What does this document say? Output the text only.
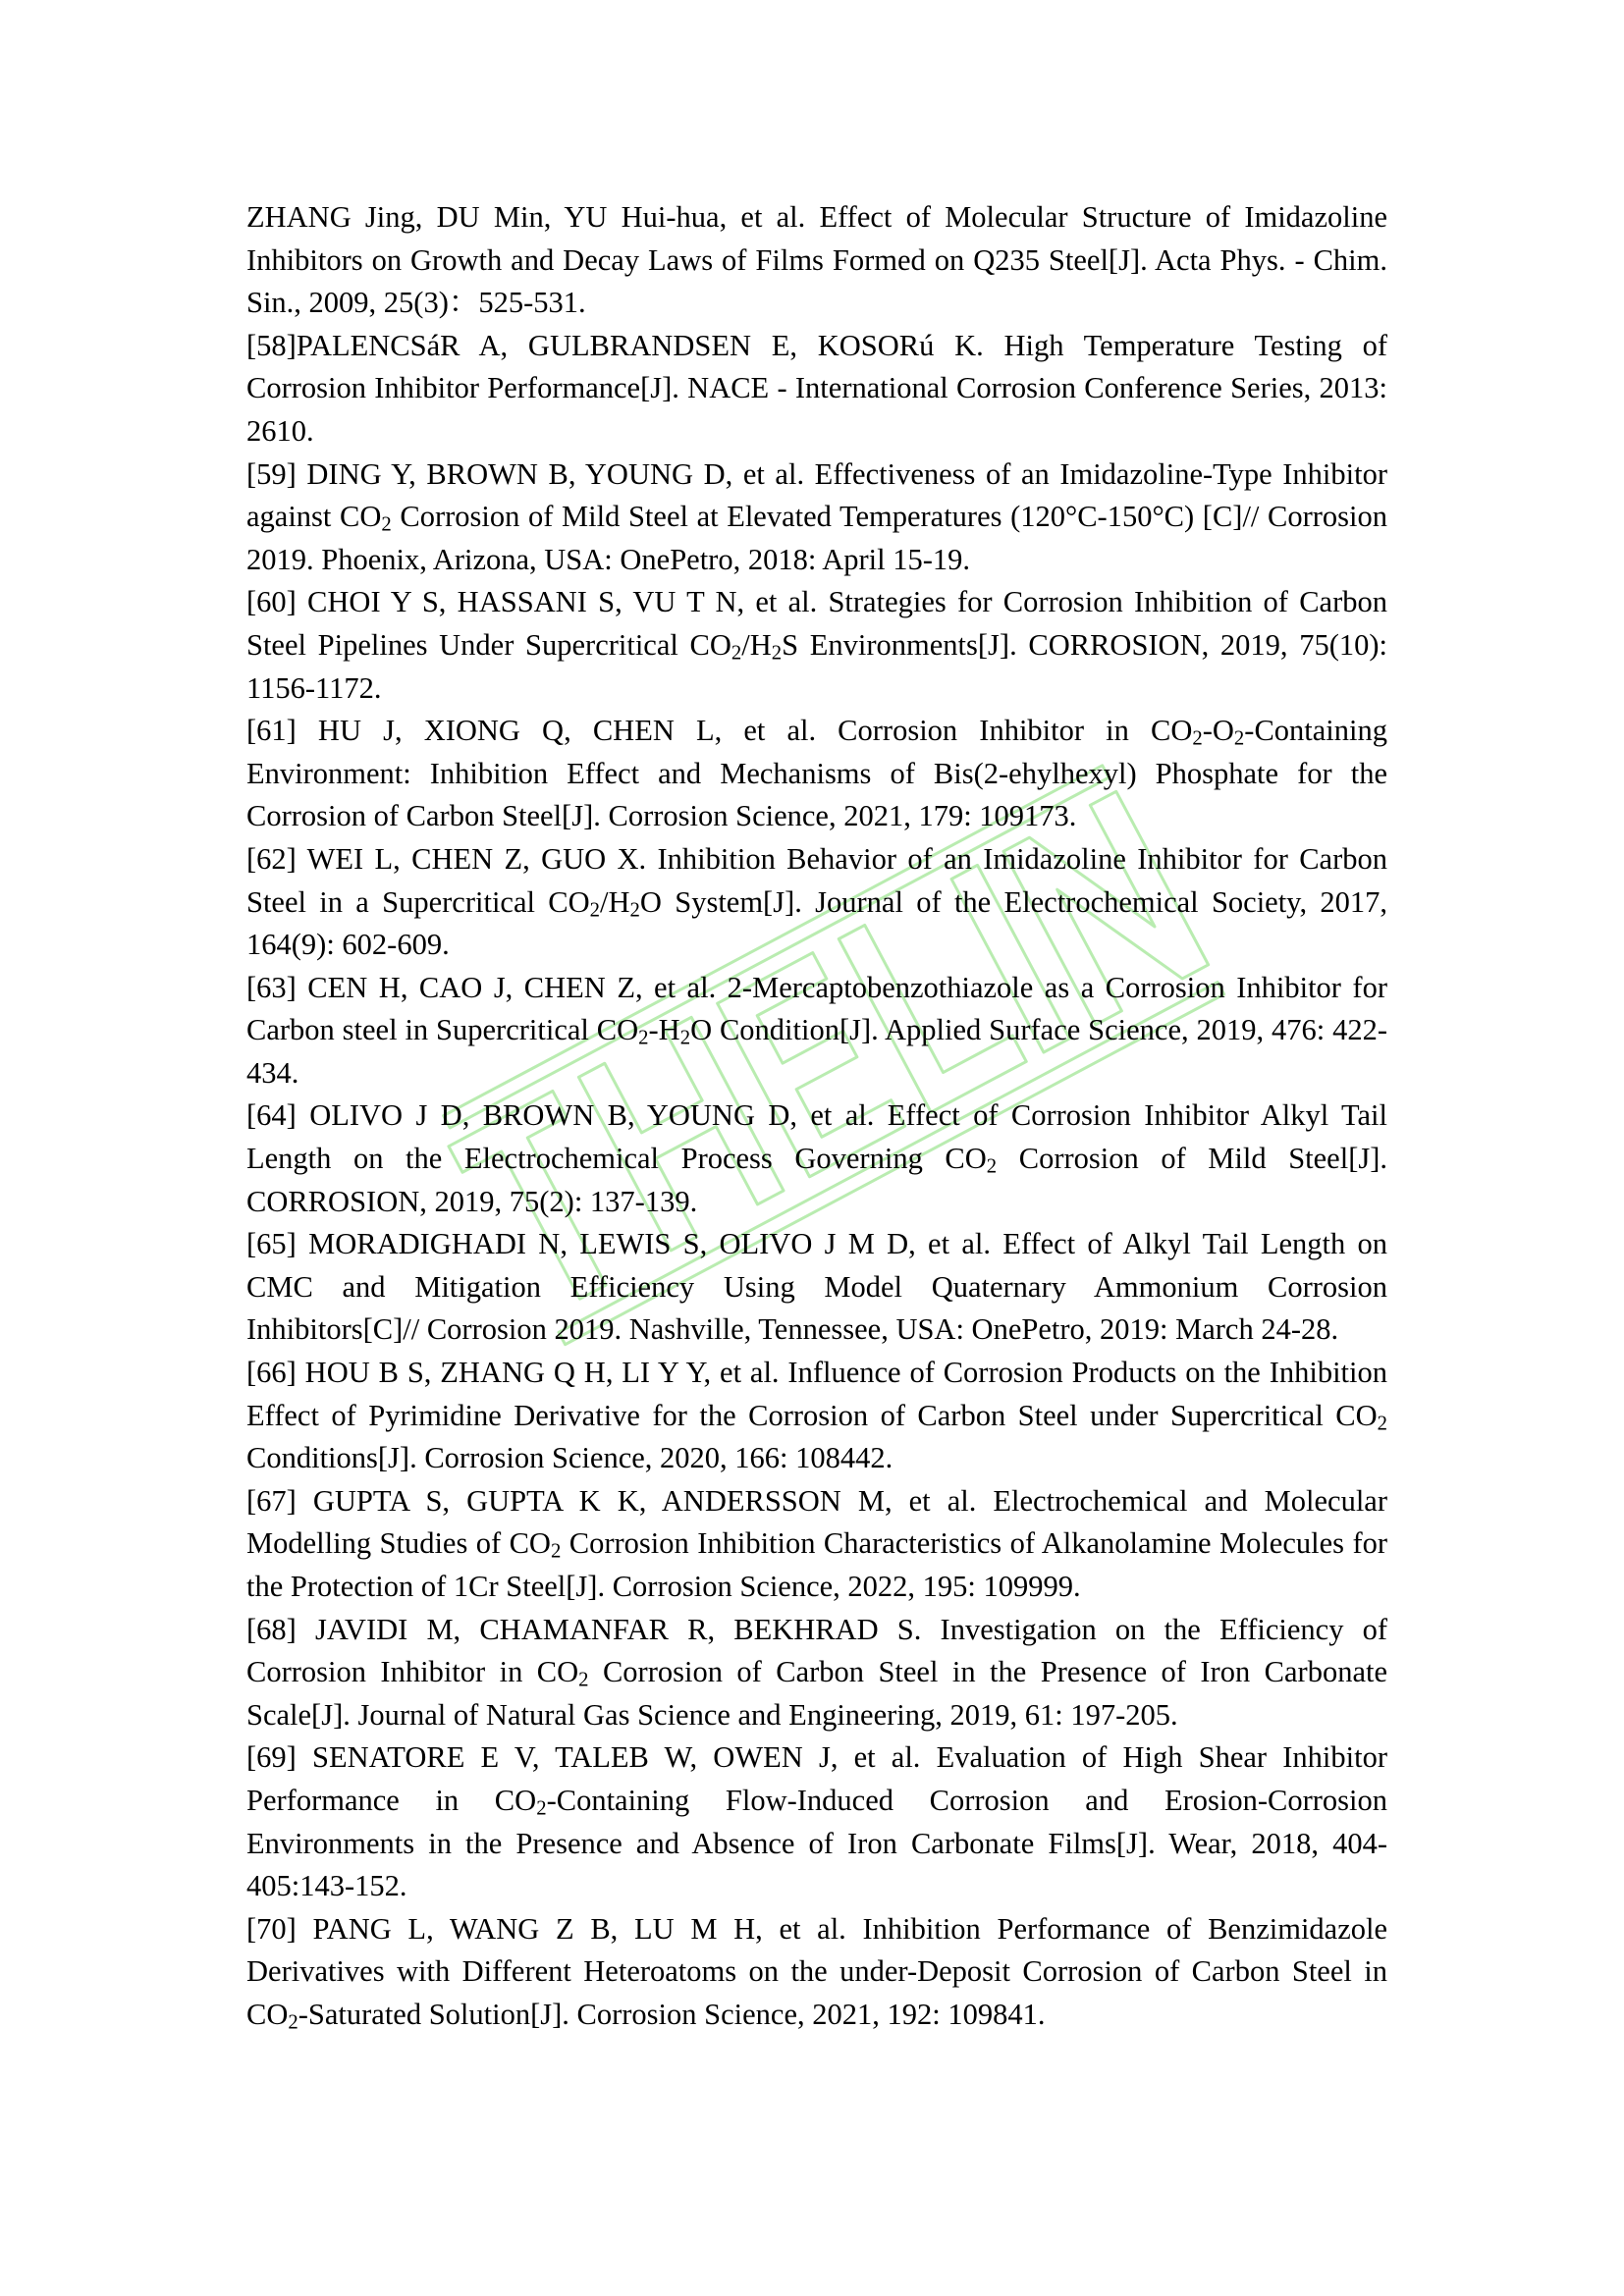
ZHANG Jing, DU Min, YU Hui-hua, et al. Effect of Molecular Structure of Imidazoline Inhibitors on Growth and Decay Laws of Films Formed on Q235 Steel[J]. Acta Phys. - Chim. Sin., 2009, 25(3)：525-531.

[58]PALENCSáR A, GULBRANDSEN E, KOSORú K. High Temperature Testing of Corrosion Inhibitor Performance[J]. NACE - International Corrosion Conference Series, 2013: 2610.

[59] DING Y, BROWN B, YOUNG D, et al. Effectiveness of an Imidazoline-Type Inhibitor against $CO_2$ Corrosion of Mild Steel at Elevated Temperatures (120°C-150°C) [C]// Corrosion 2019. Phoenix, Arizona, USA: OnePetro, 2018: April 15-19.

[60] CHOI Y S, HASSANI S, VU T N, et al. Strategies for Corrosion Inhibition of Carbon Steel Pipelines Under Supercritical $CO_2/H_2S$ Environments[J]. CORROSION, 2019, 75(10): 1156-1172.

[61] HU J, XIONG Q, CHEN L, et al. Corrosion Inhibitor in $CO_2-O_2$-Containing Environment: Inhibition Effect and Mechanisms of Bis(2-ehylhexyl) Phosphate for the Corrosion of Carbon Steel[J]. Corrosion Science, 2021, 179: 109173.

[62] WEI L, CHEN Z, GUO X. Inhibition Behavior of an Imidazoline Inhibitor for Carbon Steel in a Supercritical $CO_2/H_2O$ System[J]. Journal of the Electrochemical Society, 2017, 164(9): 602-609.

[63] CEN H, CAO J, CHEN Z, et al. 2-Mercaptobenzothiazole as a Corrosion Inhibitor for Carbon steel in Supercritical $CO_2-H_2O$ Condition[J]. Applied Surface Science, 2019, 476: 422-434.

[64] OLIVO J D, BROWN B, YOUNG D, et al. Effect of Corrosion Inhibitor Alkyl Tail Length on the Electrochemical Process Governing $CO_2$ Corrosion of Mild Steel[J]. CORROSION, 2019, 75(2): 137-139.

[65] MORADIGHADI N, LEWIS S, OLIVO J M D, et al. Effect of Alkyl Tail Length on CMC and Mitigation Efficiency Using Model Quaternary Ammonium Corrosion Inhibitors[C]// Corrosion 2019. Nashville, Tennessee, USA: OnePetro, 2019: March 24-28.

[66] HOU B S, ZHANG Q H, LI Y Y, et al. Influence of Corrosion Products on the Inhibition Effect of Pyrimidine Derivative for the Corrosion of Carbon Steel under Supercritical $CO_2$ Conditions[J]. Corrosion Science, 2020, 166: 108442.

[67] GUPTA S, GUPTA K K, ANDERSSON M, et al. Electrochemical and Molecular Modelling Studies of $CO_2$ Corrosion Inhibition Characteristics of Alkanolamine Molecules for the Protection of 1Cr Steel[J]. Corrosion Science, 2022, 195: 109999.

[68] JAVIDI M, CHAMANFAR R, BEKHRAD S. Investigation on the Efficiency of Corrosion Inhibitor in $CO_2$ Corrosion of Carbon Steel in the Presence of Iron Carbonate Scale[J]. Journal of Natural Gas Science and Engineering, 2019, 61: 197-205.

[69] SENATORE E V, TALEB W, OWEN J, et al. Evaluation of High Shear Inhibitor Performance in $CO_2$-Containing Flow-Induced Corrosion and Erosion-Corrosion Environments in the Presence and Absence of Iron Carbonate Films[J]. Wear, 2018, 404-405:143-152.

[70] PANG L, WANG Z B, LU M H, et al. Inhibition Performance of Benzimidazole Derivatives with Different Heteroatoms on the under-Deposit Corrosion of Carbon Steel in $CO_2$-Saturated Solution[J]. Corrosion Science, 2021, 192: 109841.
